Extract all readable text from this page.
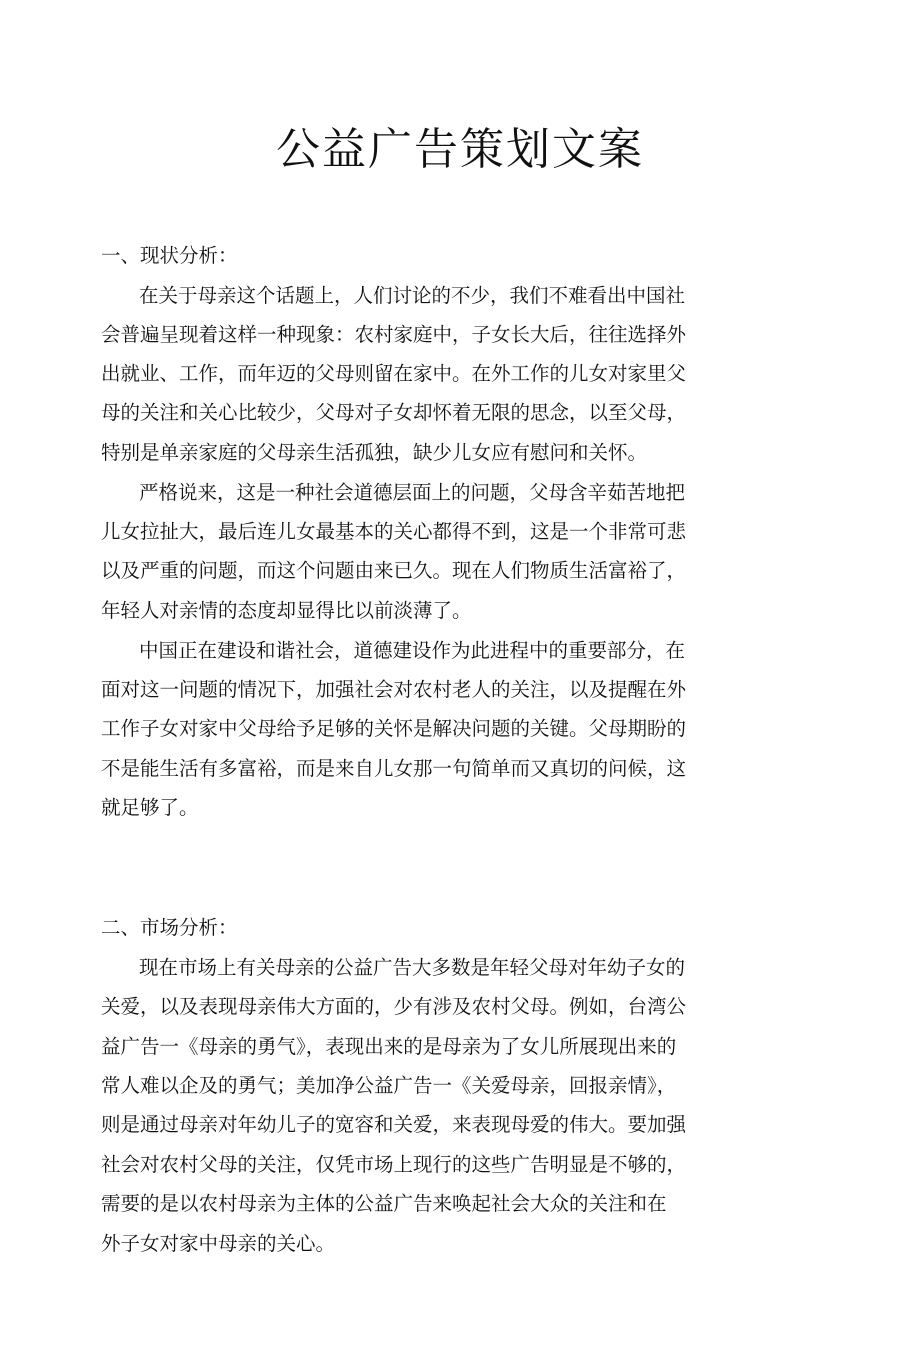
公益广告策划文案
一、现状分析：
在关于母亲这个话题上，人们讨论的不少，我们不难看出中国社
会普遍呈现着这样一种现象：农村家庭中，子女长大后，往往选择外
出就业、工作，而年迈的父母则留在家中。在外工作的儿女对家里父
母的关注和关心比较少，父母对子女却怀着无限的思念，以至父母，
特别是单亲家庭的父母亲生活孤独，缺少儿女应有慰问和关怀。
严格说来，这是一种社会道德层面上的问题，父母含辛茹苦地把
儿女拉扯大，最后连儿女最基本的关心都得不到，这是一个非常可悲
以及严重的问题，而这个问题由来已久。现在人们物质生活富裕了，
年轻人对亲情的态度却显得比以前淡薄了。
中国正在建设和谐社会，道德建设作为此进程中的重要部分，在
面对这一问题的情况下，加强社会对农村老人的关注，以及提醒在外
工作子女对家中父母给予足够的关怀是解决问题的关键。父母期盼的
不是能生活有多富裕，而是来自儿女那一句简单而又真切的问候，这
就足够了。
二、市场分析：
现在市场上有关母亲的公益广告大多数是年轻父母对年幼子女的
关爱，以及表现母亲伟大方面的，少有涉及农村父母。例如，台湾公
益广告一《母亲的勇气》，表现出来的是母亲为了女儿所展现出来的
常人难以企及的勇气；美加净公益广告一《关爱母亲，回报亲情》，
则是通过母亲对年幼儿子的宽容和关爱，来表现母爱的伟大。要加强
社会对农村父母的关注，仅凭市场上现行的这些广告明显是不够的，
需要的是以农村母亲为主体的公益广告来唤起社会大众的关注和在
外子女对家中母亲的关心。
